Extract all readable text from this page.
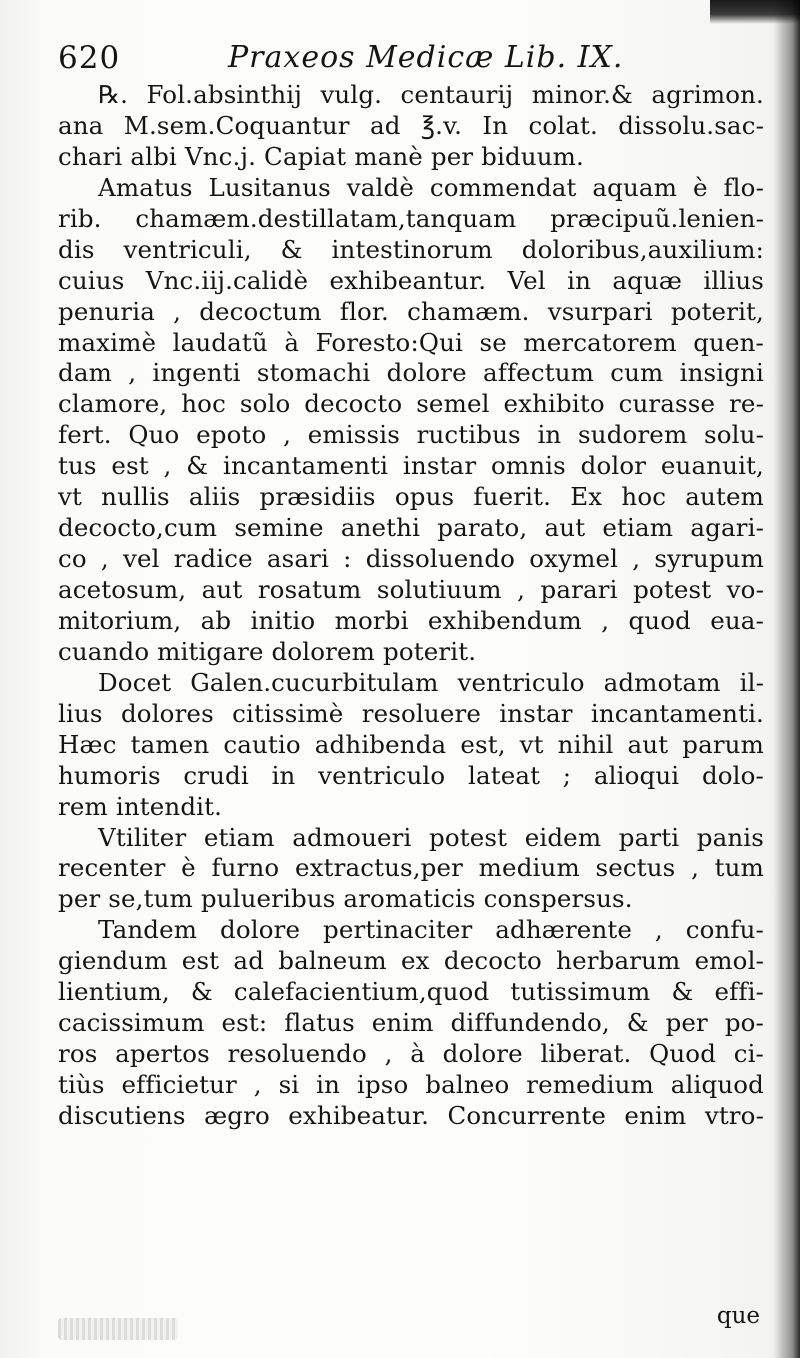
620	Praxeos Medicæ Lib. IX.
℞. Fol.absinthij vulg. centaurij minor.& agrimon.
ana M.sem.Coquantur ad ℥.v. In colat. dissolu.sac-
chari albi Vnc.j. Capiat manè per biduum.
Amatus Lusitanus valdè commendat aquam è flo-
rib. chamæm.destillatam,tanquam præcipuũ.lenien-
dis ventriculi, & intestinorum doloribus,auxilium:
cuius Vnc.iij.calidè exhibeantur. Vel in aquæ illius
penuria , decoctum flor. chamæm. vsurpari poterit,
maximè laudatũ à Foresto:Qui se mercatorem quen-
dam , ingenti stomachi dolore affectum cum insigni
clamore, hoc solo decocto semel exhibito curasse re-
fert. Quo epoto , emissis ructibus in sudorem solu-
tus est , & incantamenti instar omnis dolor euanuit,
vt nullis aliis præsidiis opus fuerit. Ex hoc autem
decocto,cum semine anethi parato, aut etiam agari-
co , vel radice asari : dissoluendo oxymel , syrupum
acetosum, aut rosatum solutiuum , parari potest vo-
mitorium, ab initio morbi exhibendum , quod eua-
cuando mitigare dolorem poterit.
Docet Galen.cucurbitulam ventriculo admotam il-
lius dolores citissimè resoluere instar incantamenti.
Hæc tamen cautio adhibenda est, vt nihil aut parum
humoris crudi in ventriculo lateat ; alioqui dolo-
rem intendit.
Vtiliter etiam admoueri potest eidem parti panis
recenter è furno extractus,per medium sectus , tum
per se,tum pulueribus aromaticis conspersus.
Tandem dolore pertinaciter adhærente , confu-
giendum est ad balneum ex decocto herbarum emol-
lientium, & calefacientium,quod tutissimum & effi-
cacissimum est: flatus enim diffundendo, & per po-
ros apertos resoluendo , à dolore liberat. Quod ci-
tiùs efficietur , si in ipso balneo remedium aliquod
discutiens ægro exhibeatur. Concurrente enim vtro-
que
